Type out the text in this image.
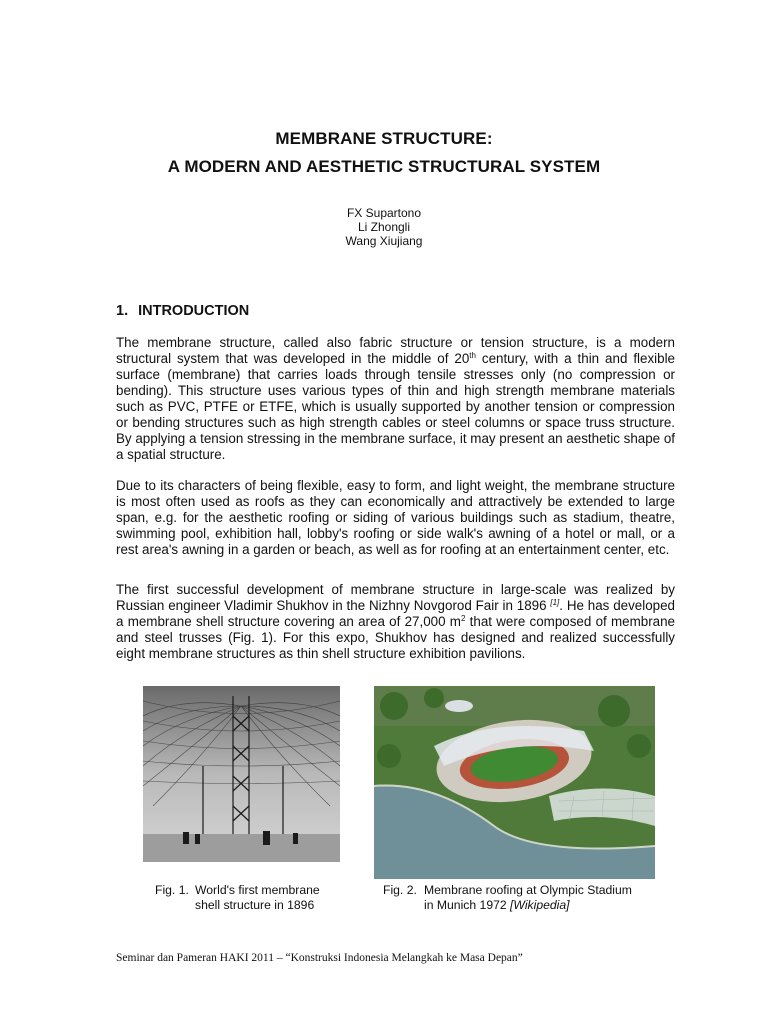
MEMBRANE STRUCTURE:
A MODERN AND AESTHETIC STRUCTURAL SYSTEM
FX Supartono
Li Zhongli
Wang Xiujiang
1. INTRODUCTION

The membrane structure, called also fabric structure or tension structure, is a modern structural system that was developed in the middle of 20th century, with a thin and flexible surface (membrane) that carries loads through tensile stresses only (no compression or bending). This structure uses various types of thin and high strength membrane materials such as PVC, PTFE or ETFE, which is usually supported by another tension or compression or bending structures such as high strength cables or steel columns or space truss structure. By applying a tension stressing in the membrane surface, it may present an aesthetic shape of a spatial structure.

Due to its characters of being flexible, easy to form, and light weight, the membrane structure is most often used as roofs as they can economically and attractively be extended to large span, e.g. for the aesthetic roofing or siding of various buildings such as stadium, theatre, swimming pool, exhibition hall, lobby's roofing or side walk's awning of a hotel or mall, or a rest area's awning in a garden or beach, as well as for roofing at an entertainment center, etc.

The first successful development of membrane structure in large-scale was realized by Russian engineer Vladimir Shukhov in the Nizhny Novgorod Fair in 1896 [1]. He has developed a membrane shell structure covering an area of 27,000 $m^2$ that were composed of membrane and steel trusses (Fig. 1). For this expo, Shukhov has designed and realized successfully eight membrane structures as thin shell structure exhibition pavilions.

Fig. 1. World's first membrane
shell structure in 1896
Fig. 2. Membrane roofing at Olympic Stadium
in Munich 1972 [Wikipedia]
Seminar dan Pameran HAKI 2011 – “Konstruksi Indonesia Melangkah ke Masa Depan”
